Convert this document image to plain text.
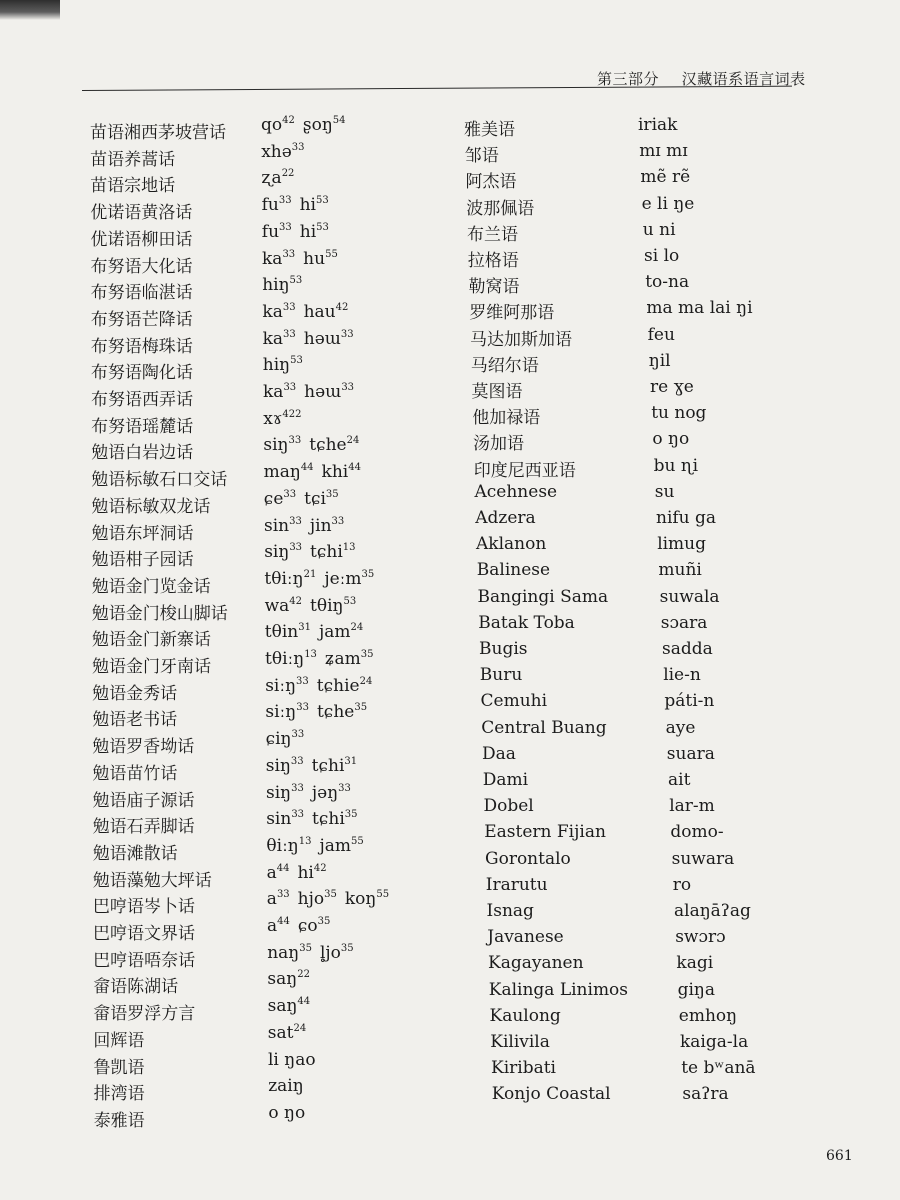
第三部分 汉藏语系语言词表
苗语湘西茅坡营话 $qo^{42}$ ʂoŋ$^{54}$
苗语养蒿话	xhə$^{33}$
苗语宗地话	ʐa$^{22}$
优诺语黄洛话	$fu^{33}$ $hi^{53}$
优诺语柳田话	$fu^{33}$ $hi^{53}$
布努语大化话	$ka^{33}$ $hu^{55}$
布努语临湛话	hiŋ$^{53}$
布努语芒降话	$ka^{33}$ hau$^{42}$
布努语梅珠话	$ka^{33}$ həɯ$^{33}$
布努语陶化话	hiŋ$^{53}$
布努语西弄话	$ka^{33}$ həɯ$^{33}$
布努语瑶麓话	xɤ$^{422}$
勉语白岩边话	siŋ$^{33}$ tɕhe$^{24}$
勉语标敏石口交话 maŋ$^{44}$ khi$^{44}$
勉语标敏双龙话	ɕe$^{33}$ tɕi$^{35}$
勉语东坪洞话	$\sin^{33} jin^{33}$
勉语柑子园话	siŋ$^{33}$ tɕhi$^{13}$
勉语金门览金话	tθiːŋ$^{21}$ jeːm$^{35}$
勉语金门梭山脚话 $wa^{42}$ tθiŋ$^{53}$
勉语金门新寨话	tθin$^{31}$ jam$^{24}$
勉语金门牙南话	tθiːŋ$^{13}$ ʑam$^{35}$
勉语金秀话	siːŋ$^{33}$ tɕhie$^{24}$
勉语老书话	siːŋ$^{33}$ tɕhe$^{35}$
勉语罗香坳话	ɕiŋ$^{33}$
勉语苗竹话	siŋ$^{33}$ tɕhi$^{31}$
勉语庙子源话	siŋ$^{33}$ jəŋ$^{33}$
勉语石弄脚话	$\sin^{33}$ tɕhi$^{35}$
勉语滩散话	θiːŋ$^{13}$ jam$^{55}$
勉语藻勉大坪话	$a^{44}$ $hi^{42}$
巴哼语岑卜话	$a^{33}$ hjo$^{35}$ koŋ$^{55}$
巴哼语文界话	$a^{44}$ ɕo$^{35}$
巴哼语唔奈话	naŋ$^{35}$ $l̥jo^{35}$
畲语陈湖话	saŋ$^{22}$
畲语罗浮方言	saŋ$^{44}$
回辉语	sat$^{24}$
鲁凯语	li ŋao
排湾语	zaiŋ
泰雅语	o ŋo
雅美语	iriak
邹语	mɪ mɪ
阿杰语	mẽ rẽ
波那佩语	e li ŋe
布兰语	u ni
拉格语	si lo
勒窝语	to-na
罗维阿那语	ma ma lai ŋi
马达加斯加语	feu
马绍尔语	ŋil
莫图语	re ɣe
他加禄语	tu nog
汤加语	o ŋo
印度尼西亚语	bu ɳi
Acehnese	su
Adzera	nifu ga
Aklanon	limug
Balinese	muñi
Bangingi Sama	suwala
Batak Toba	sɔara
Bugis	sadda
Buru	lie-n
Cemuhi	páti-n
Central Buang	aye
Daa	suara
Dami	ait
Dobel	lar-m
Eastern Fijian	domo-
Gorontalo	suwara
Irarutu	ro
Isnag	alaŋāʔag
Javanese	swɔrɔ
Kagayanen	kagi
Kalinga Linimos	giŋa
Kaulong	emhoŋ
Kilivila	kaiga-la
Kiribati	te bʷanā
Konjo Coastal	saʔra
661
